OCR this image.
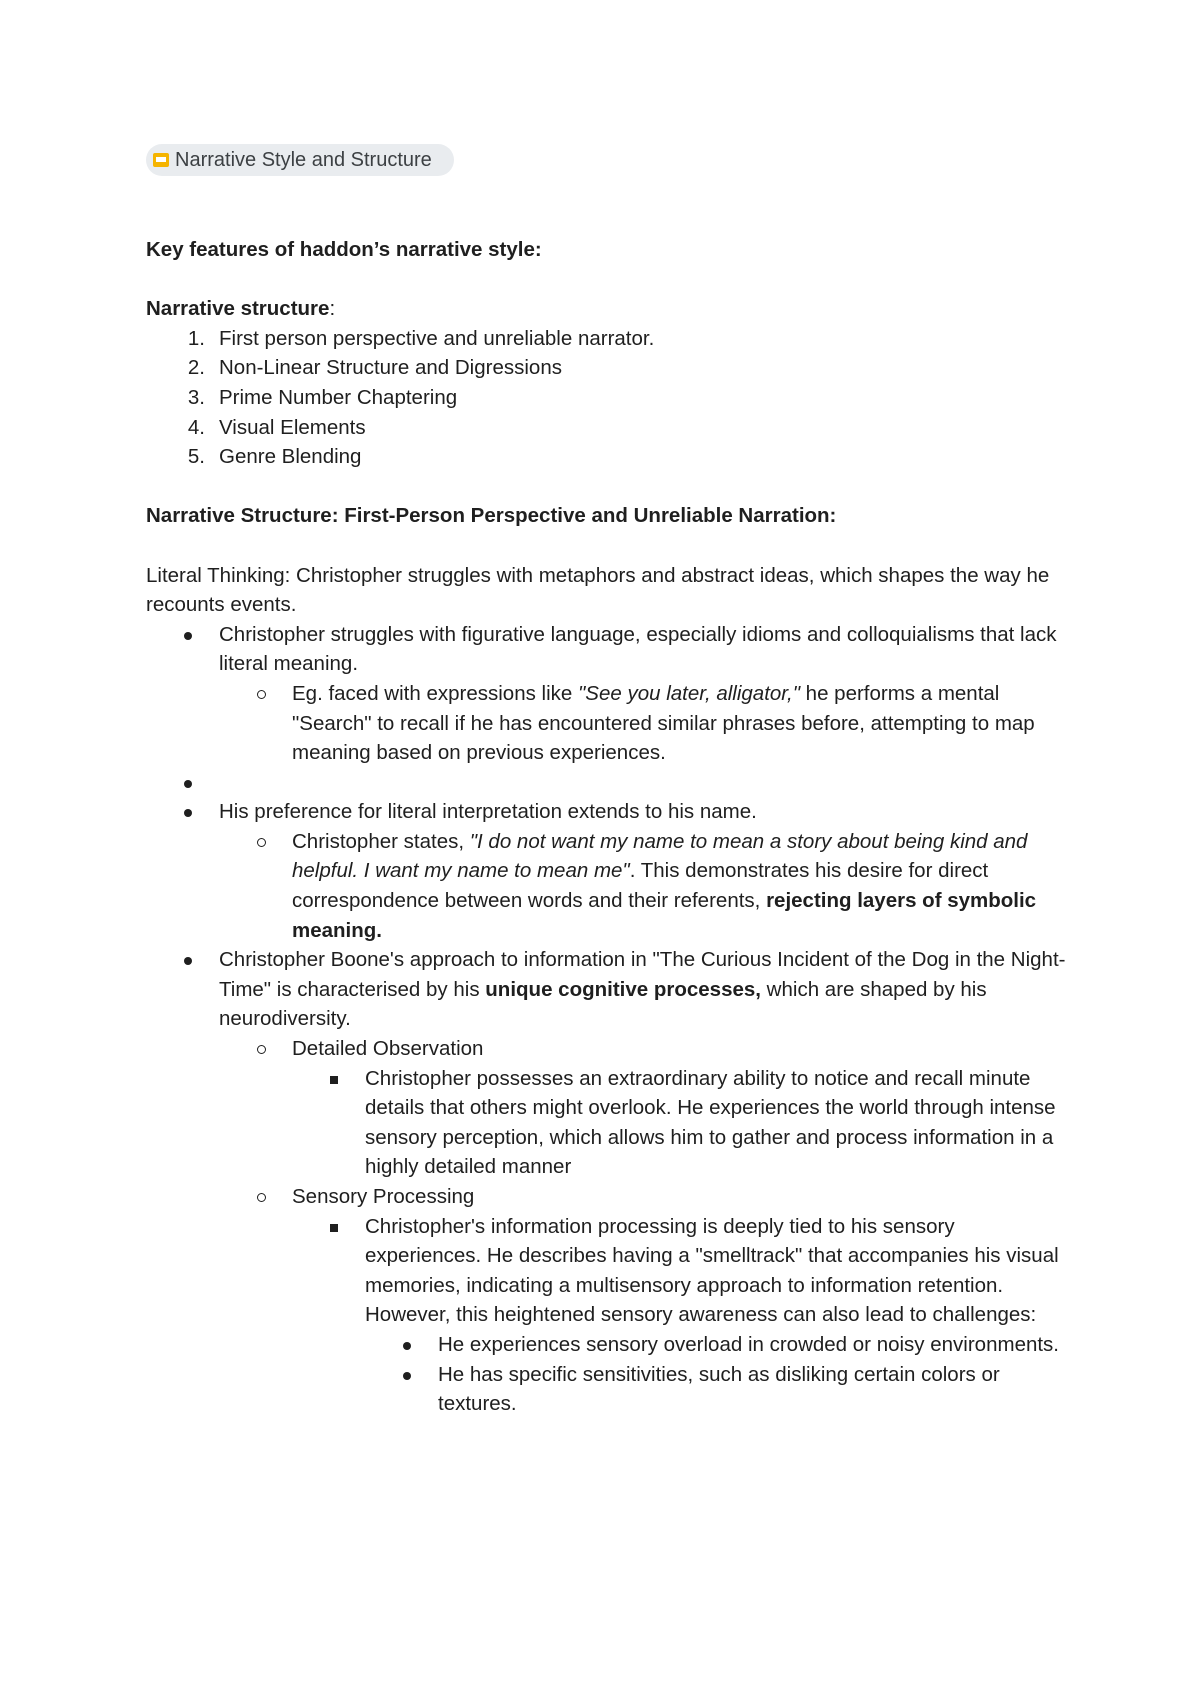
Narrative Style and Structure

Key features of haddon’s narrative style:

Narrative structure:

1. First person perspective and unreliable narrator.
2. Non-Linear Structure and Digressions
3. Prime Number Chaptering
4. Visual Elements
5. Genre Blending

Narrative Structure: First-Person Perspective and Unreliable Narration:

Literal Thinking: Christopher struggles with metaphors and abstract ideas, which shapes the way he recounts events.

Christopher struggles with figurative language, especially idioms and colloquialisms that lack literal meaning.
Eg. faced with expressions like "See you later, alligator," he performs a mental "Search" to recall if he has encountered similar phrases before, attempting to map meaning based on previous experiences.
His preference for literal interpretation extends to his name.
Christopher states, "I do not want my name to mean a story about being kind and helpful. I want my name to mean me". This demonstrates his desire for direct correspondence between words and their referents, rejecting layers of symbolic meaning.
Christopher Boone's approach to information in "The Curious Incident of the Dog in the Night-Time" is characterised by his unique cognitive processes, which are shaped by his neurodiversity.
Detailed Observation
Christopher possesses an extraordinary ability to notice and recall minute details that others might overlook. He experiences the world through intense sensory perception, which allows him to gather and process information in a highly detailed manner
Sensory Processing
Christopher's information processing is deeply tied to his sensory experiences. He describes having a "smelltrack" that accompanies his visual memories, indicating a multisensory approach to information retention. However, this heightened sensory awareness can also lead to challenges:
He experiences sensory overload in crowded or noisy environments.
He has specific sensitivities, such as disliking certain colors or textures.
